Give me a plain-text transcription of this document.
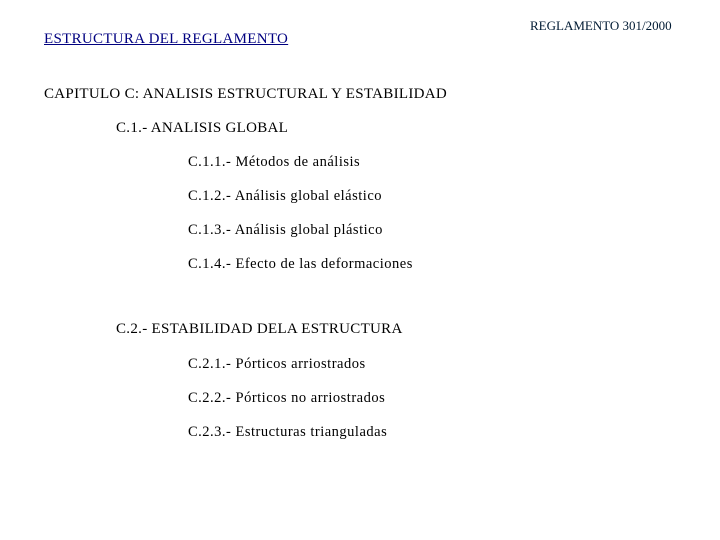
REGLAMENTO 301/2000
ESTRUCTURA DEL REGLAMENTO
CAPITULO C: ANALISIS ESTRUCTURAL Y ESTABILIDAD
C.1.- ANALISIS GLOBAL
C.1.1.- Métodos de análisis
C.1.2.- Análisis global elástico
C.1.3.- Análisis global plástico
C.1.4.- Efecto de las deformaciones
C.2.- ESTABILIDAD DELA ESTRUCTURA
C.2.1.- Pórticos arriostrados
C.2.2.- Pórticos no arriostrados
C.2.3.- Estructuras trianguladas
